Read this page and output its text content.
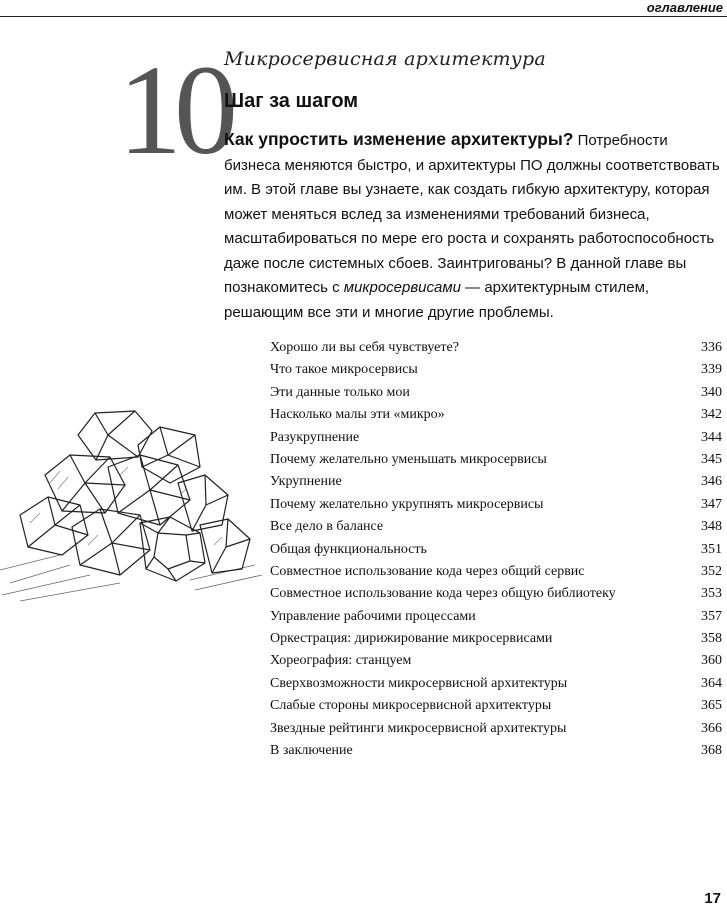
оглавление
10
Микросервисная архитектура
Шаг за шагом
Как упростить изменение архитектуры? Потребности бизнеса меняются быстро, и архитектуры ПО должны соответствовать им. В этой главе вы узнаете, как создать гибкую архитектуру, которая может меняться вслед за изменениями требований бизнеса, масштабироваться по мере его роста и сохранять работоспособность даже после системных сбоев. Заинтригованы? В данной главе вы познакомитесь с микросервисами — архитектурным стилем, решающим все эти и многие другие проблемы.
Хорошо ли вы себя чувствуете?	336
Что такое микросервисы	339
Эти данные только мои	340
Насколько малы эти «микро»	342
Разукрупнение	344
Почему желательно уменьшать микросервисы	345
Укрупнение	346
Почему желательно укрупнять микросервисы	347
Все дело в балансе	348
Общая функциональность	351
Совместное использование кода через общий сервис	352
Совместное использование кода через общую библиотеку	353
Управление рабочими процессами	357
Оркестрация: дирижирование микросервисами	358
Хореография: станцуем	360
Сверхвозможности микросервисной архитектуры	364
Слабые стороны микросервисной архитектуры	365
Звездные рейтинги микросервисной архитектуры	366
В заключение	368
17
